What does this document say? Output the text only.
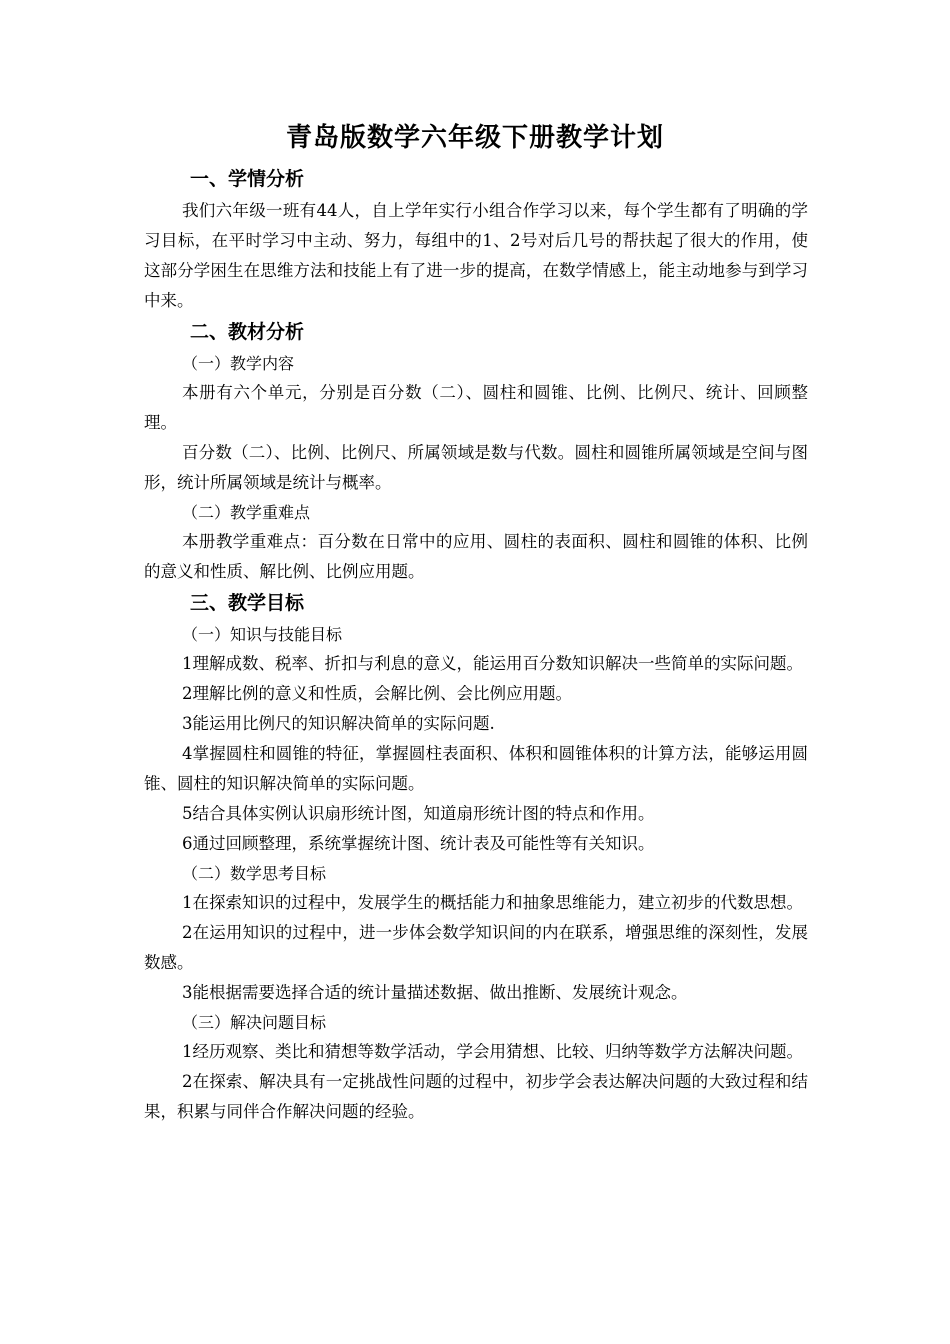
青岛版数学六年级下册教学计划

一、学情分析

我们六年级一班有44人，自上学年实行小组合作学习以来，每个学生都有了明确的学习目标，在平时学习中主动、努力，每组中的1、2号对后几号的帮扶起了很大的作用，使这部分学困生在思维方法和技能上有了进一步的提高，在数学情感上，能主动地参与到学习中来。

二、教材分析

（一）教学内容

本册有六个单元，分别是百分数（二）、圆柱和圆锥、比例、比例尺、统计、回顾整理。

百分数（二）、比例、比例尺、所属领域是数与代数。圆柱和圆锥所属领域是空间与图形，统计所属领域是统计与概率。

（二）教学重难点

本册教学重难点：百分数在日常中的应用、圆柱的表面积、圆柱和圆锥的体积、比例的意义和性质、解比例、比例应用题。

三、教学目标

（一）知识与技能目标

1理解成数、税率、折扣与利息的意义，能运用百分数知识解决一些简单的实际问题。

2理解比例的意义和性质，会解比例、会比例应用题。

3能运用比例尺的知识解决简单的实际问题.

4掌握圆柱和圆锥的特征，掌握圆柱表面积、体积和圆锥体积的计算方法，能够运用圆锥、圆柱的知识解决简单的实际问题。

5结合具体实例认识扇形统计图，知道扇形统计图的特点和作用。

6通过回顾整理，系统掌握统计图、统计表及可能性等有关知识。

（二）数学思考目标

1在探索知识的过程中，发展学生的概括能力和抽象思维能力，建立初步的代数思想。

2在运用知识的过程中，进一步体会数学知识间的内在联系，增强思维的深刻性，发展数感。

3能根据需要选择合适的统计量描述数据、做出推断、发展统计观念。

（三）解决问题目标

1经历观察、类比和猜想等数学活动，学会用猜想、比较、归纳等数学方法解决问题。

2在探索、解决具有一定挑战性问题的过程中，初步学会表达解决问题的大致过程和结果，积累与同伴合作解决问题的经验。
